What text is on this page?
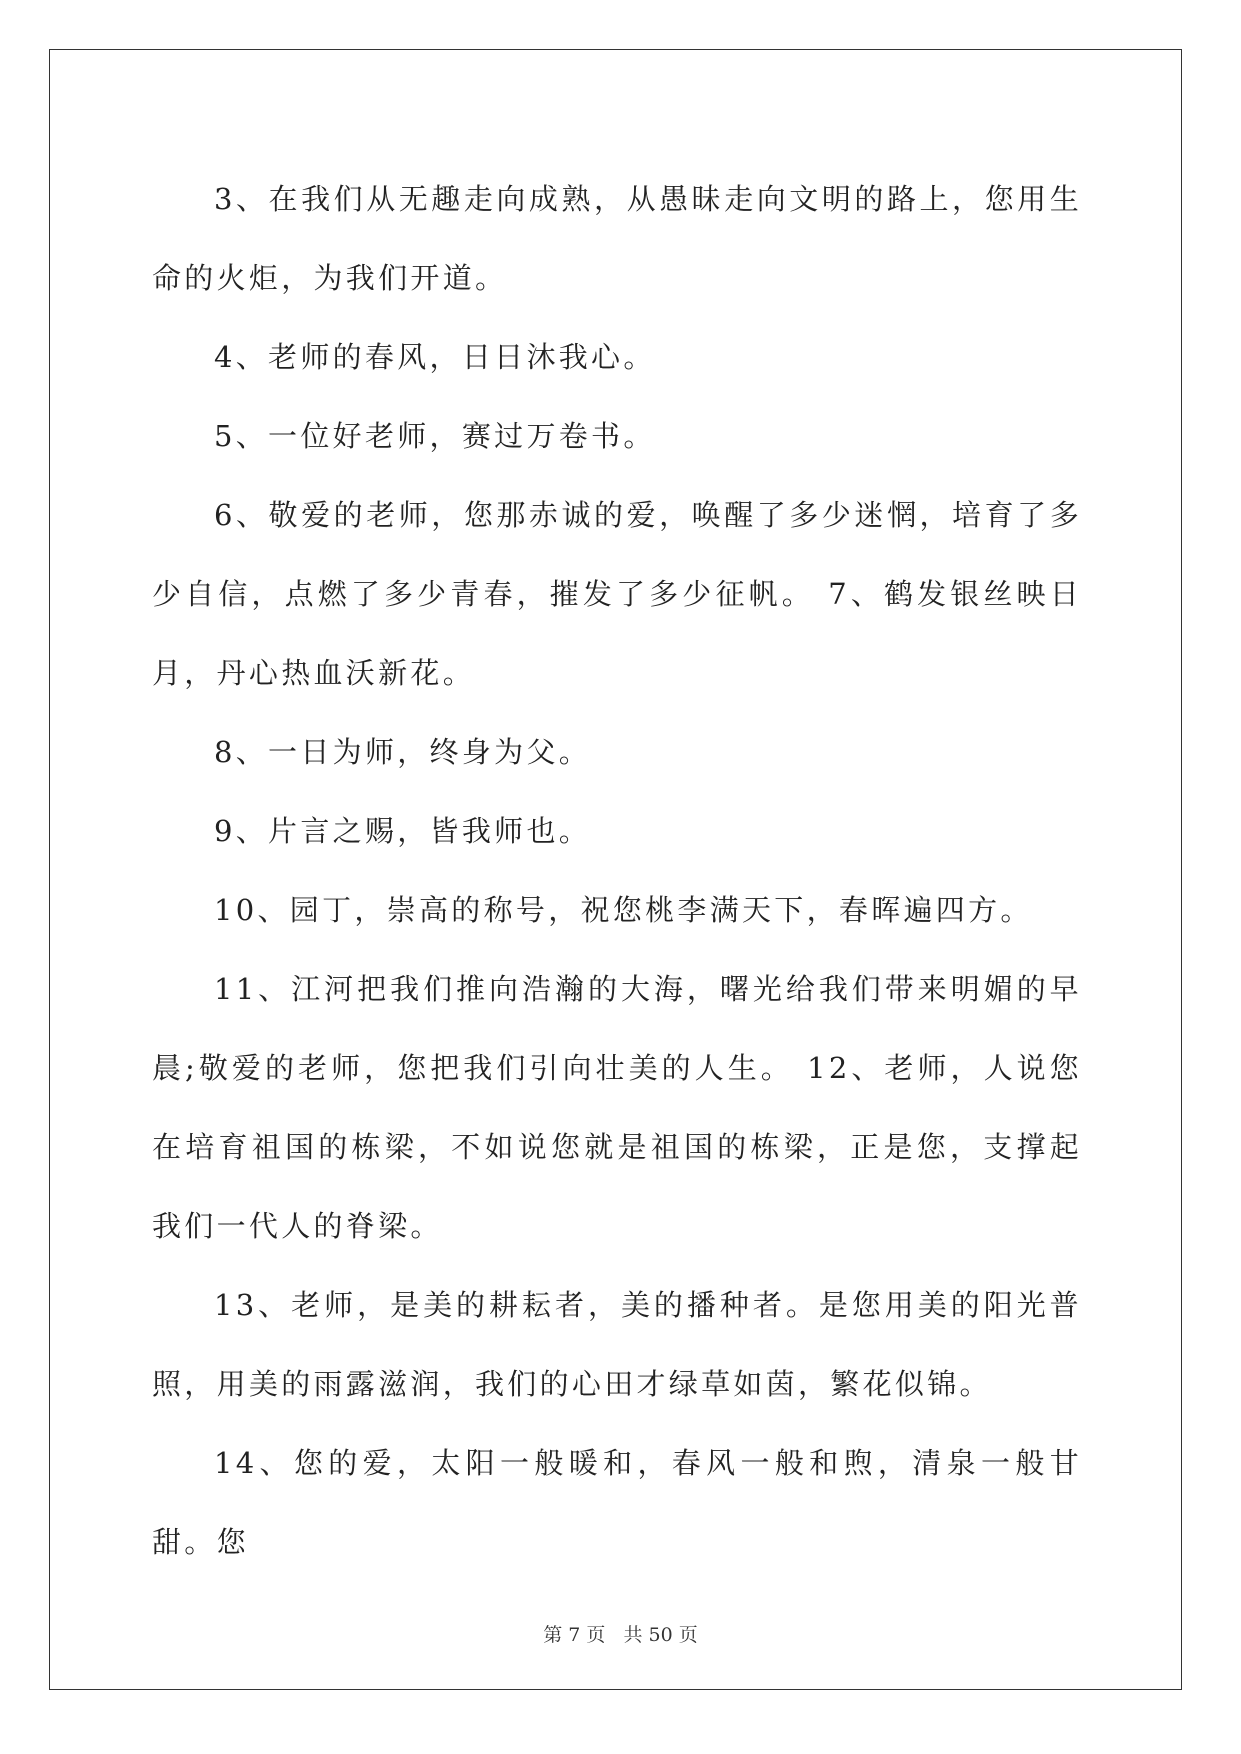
3、在我们从无趣走向成熟，从愚昧走向文明的路上，您用生命的火炬，为我们开道。

4、老师的春风，日日沐我心。

5、一位好老师，赛过万卷书。

6、敬爱的老师，您那赤诚的爱，唤醒了多少迷惘，培育了多少自信，点燃了多少青春，摧发了多少征帆。 7、鹤发银丝映日月，丹心热血沃新花。

8、一日为师，终身为父。

9、片言之赐，皆我师也。

10、园丁，崇高的称号，祝您桃李满天下，春晖遍四方。

11、江河把我们推向浩瀚的大海，曙光给我们带来明媚的早晨;敬爱的老师，您把我们引向壮美的人生。 12、老师，人说您在培育祖国的栋梁，不如说您就是祖国的栋梁，正是您，支撑起我们一代人的脊梁。

13、老师，是美的耕耘者，美的播种者。是您用美的阳光普照，用美的雨露滋润，我们的心田才绿草如茵，繁花似锦。

14、您的爱，太阳一般暖和，春风一般和煦，清泉一般甘甜。您

第 7 页 共 50 页
